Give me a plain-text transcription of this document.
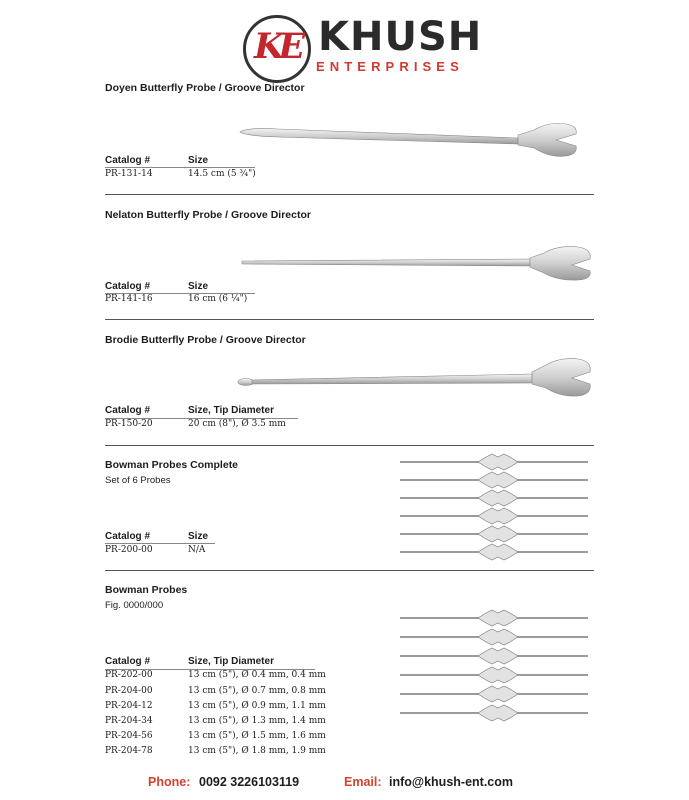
KE KHUSH
ENTERPRISES
Doyen Butterfly Probe / Groove Director
Catalog #	Size
PR-131-14	14.5 cm (5 ¾")
Nelaton Butterfly Probe / Groove Director
Catalog #	Size
PR-141-16	16 cm (6 ¼")
Brodie Butterfly Probe / Groove Director
Catalog #	Size, Tip Diameter
PR-150-20	20 cm (8"), Ø 3.5 mm
Bowman Probes Complete
Set of 6 Probes
Catalog #	Size
PR-200-00	N/A
Bowman Probes
Fig. 0000/000
Catalog #	Size, Tip Diameter
PR-202-00	13 cm (5"), Ø 0.4 mm, 0.4 mm
PR-204-00	13 cm (5"), Ø 0.7 mm, 0.8 mm
PR-204-12	13 cm (5"), Ø 0.9 mm, 1.1 mm
PR-204-34	13 cm (5"), Ø 1.3 mm, 1.4 mm
PR-204-56	13 cm (5"), Ø 1.5 mm, 1.6 mm
PR-204-78	13 cm (5"), Ø 1.8 mm, 1.9 mm
Phone: 0092 3226103119	Email: info@khush-ent.com
